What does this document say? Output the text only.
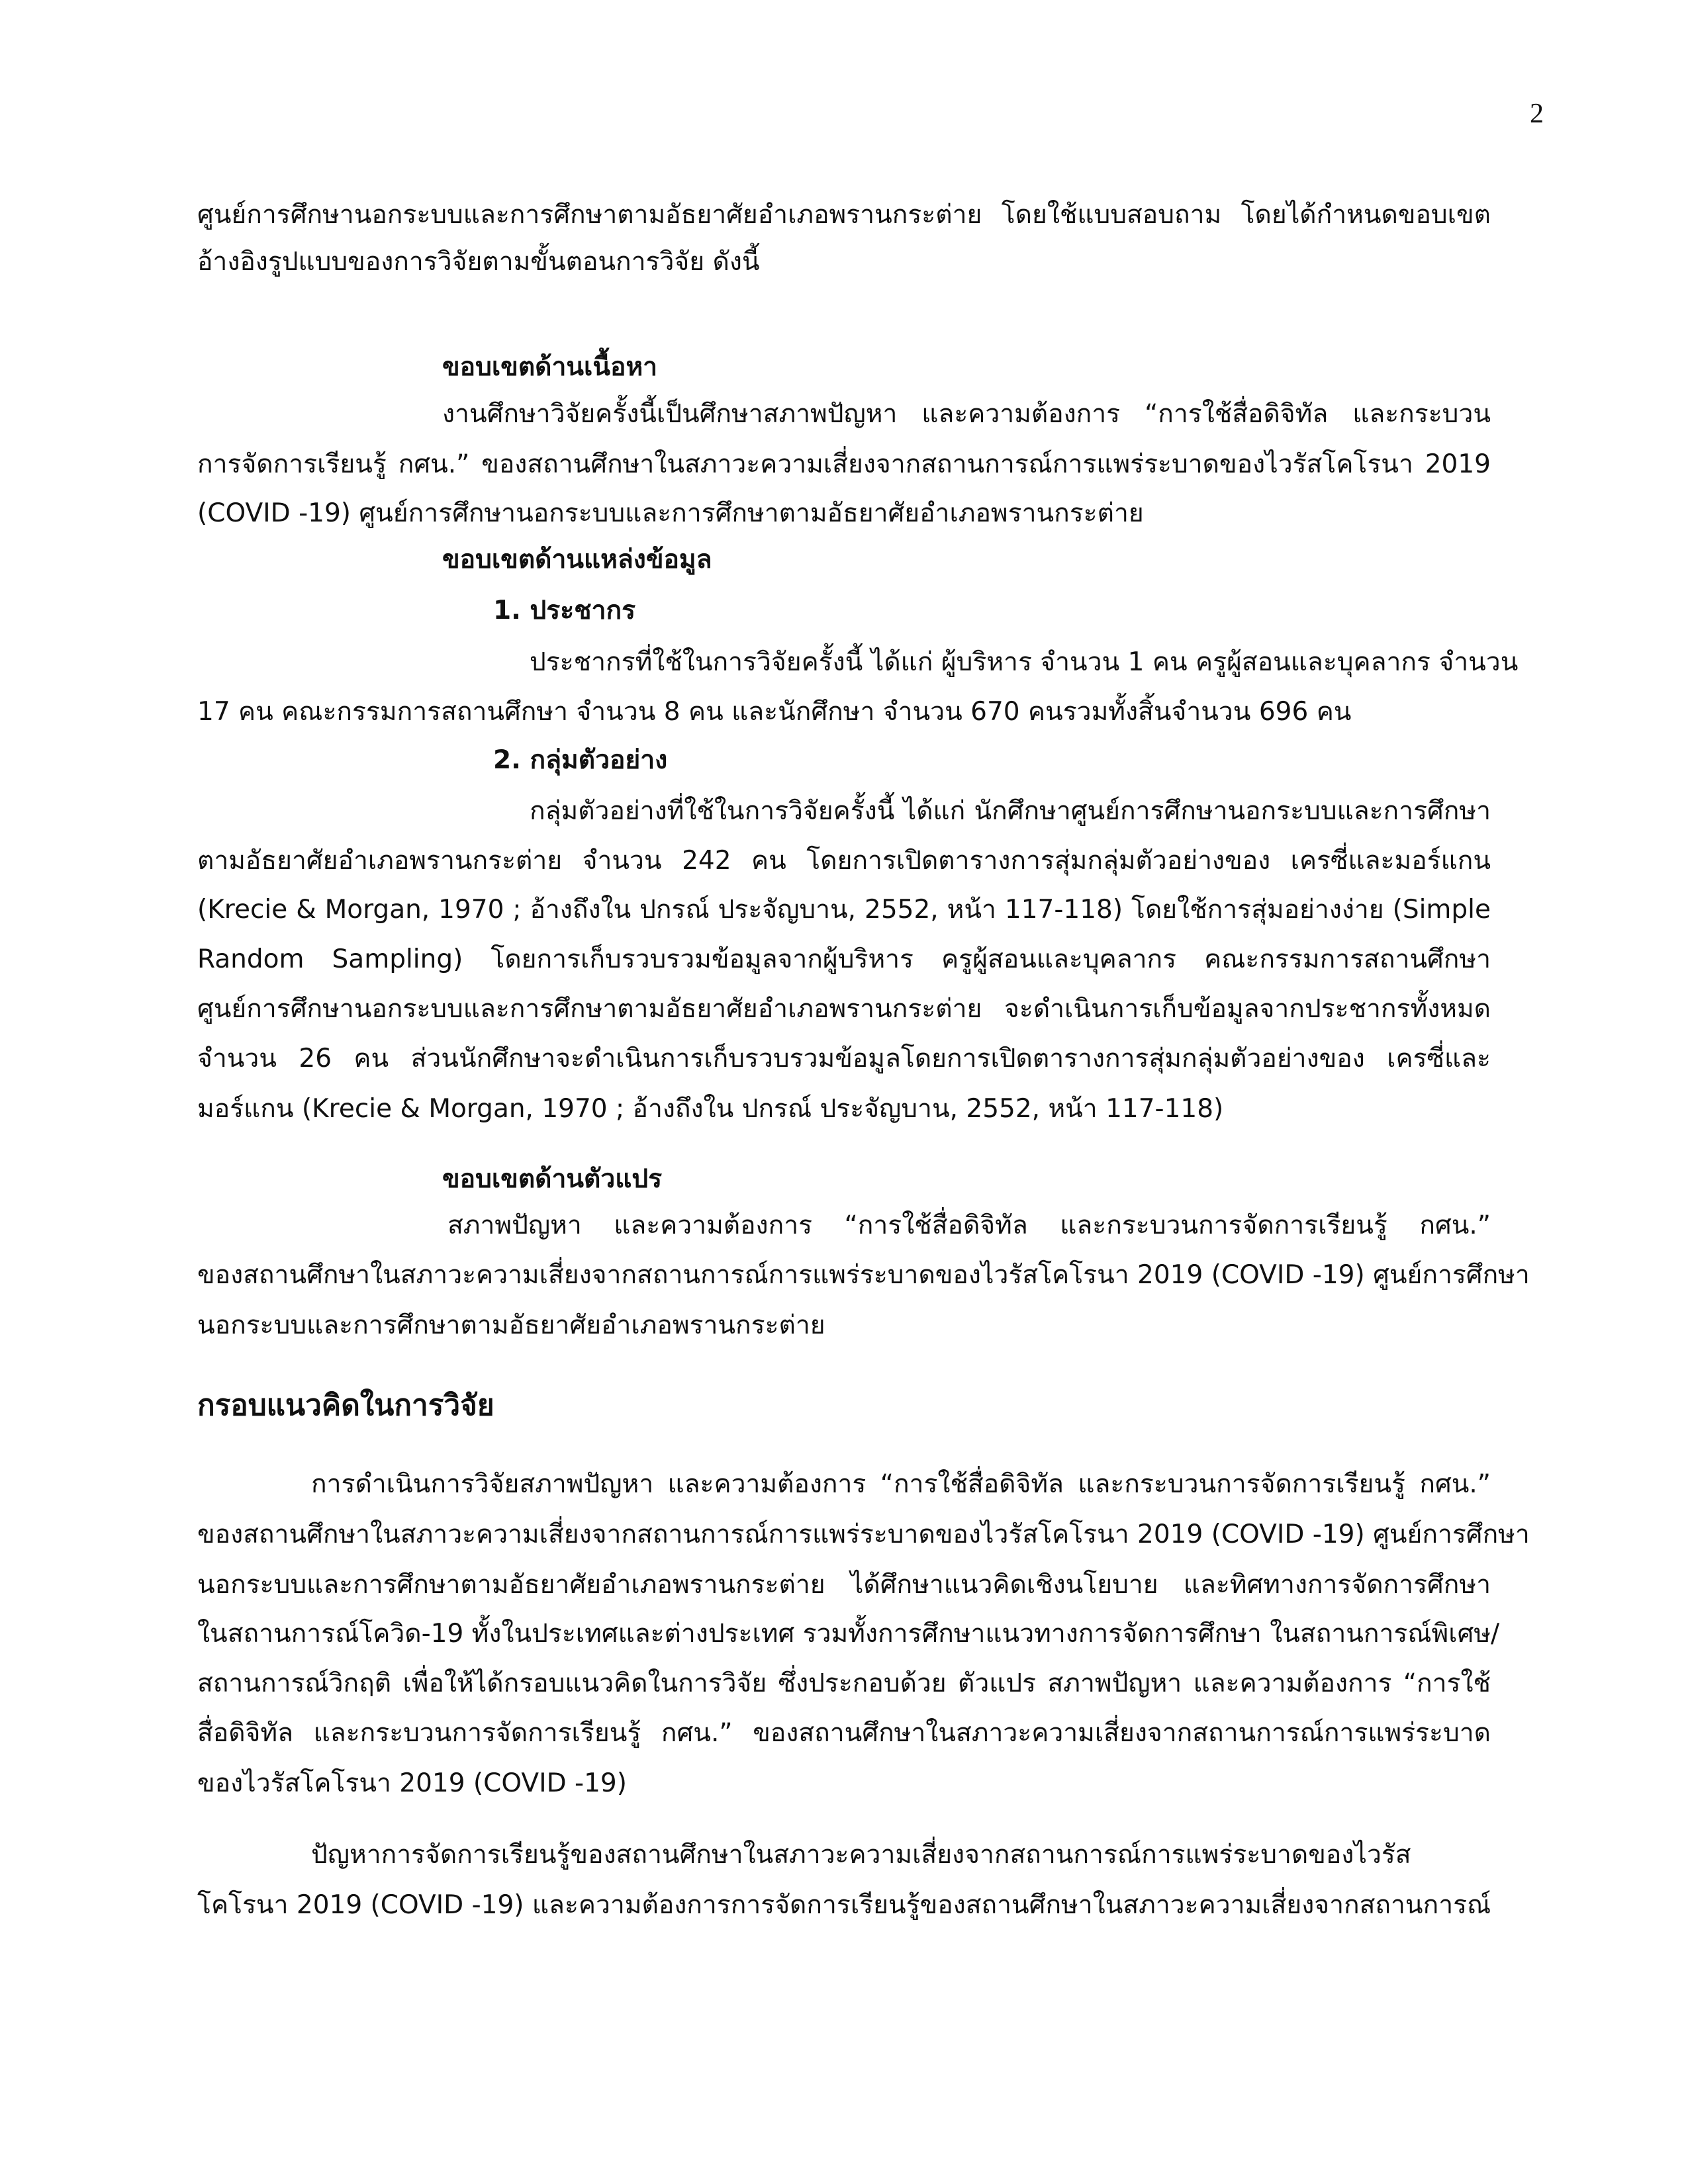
2
ศูนย์การศึกษานอกระบบและการศึกษาตามอัธยาศัยอำเภอพรานกระต่าย โดยใช้แบบสอบถาม โดยได้กำหนดขอบเขต
อ้างอิงรูปแบบของการวิจัยตามขั้นตอนการวิจัย ดังนี้
ขอบเขตด้านเนื้อหา
งานศึกษาวิจัยครั้งนี้เป็นศึกษาสภาพปัญหา และความต้องการ “การใช้สื่อดิจิทัล และกระบวน
การจัดการเรียนรู้ กศน.” ของสถานศึกษาในสภาวะความเสี่ยงจากสถานการณ์การแพร่ระบาดของไวรัสโคโรนา 2019
(COVID -19) ศูนย์การศึกษานอกระบบและการศึกษาตามอัธยาศัยอำเภอพรานกระต่าย
ขอบเขตด้านแหล่งข้อมูล
1. ประชากร
ประชากรที่ใช้ในการวิจัยครั้งนี้ ได้แก่ ผู้บริหาร จำนวน 1 คน ครูผู้สอนและบุคลากร จำนวน
17 คน คณะกรรมการสถานศึกษา จำนวน 8 คน และนักศึกษา จำนวน 670 คนรวมทั้งสิ้นจำนวน 696 คน
2. กลุ่มตัวอย่าง
กลุ่มตัวอย่างที่ใช้ในการวิจัยครั้งนี้ ได้แก่ นักศึกษาศูนย์การศึกษานอกระบบและการศึกษา
ตามอัธยาศัยอำเภอพรานกระต่าย จำนวน 242 คน โดยการเปิดตารางการสุ่มกลุ่มตัวอย่างของ เครซี่และมอร์แกน
(Krecie & Morgan, 1970 ; อ้างถึงใน ปกรณ์ ประจัญบาน, 2552, หน้า 117-118) โดยใช้การสุ่มอย่างง่าย (Simple
Random Sampling) โดยการเก็บรวบรวมข้อมูลจากผู้บริหาร ครูผู้สอนและบุคลากร คณะกรรมการสถานศึกษา
ศูนย์การศึกษานอกระบบและการศึกษาตามอัธยาศัยอำเภอพรานกระต่าย จะดำเนินการเก็บข้อมูลจากประชากรทั้งหมด
จำนวน 26 คน ส่วนนักศึกษาจะดำเนินการเก็บรวบรวมข้อมูลโดยการเปิดตารางการสุ่มกลุ่มตัวอย่างของ เครซี่และ
มอร์แกน (Krecie & Morgan, 1970 ; อ้างถึงใน ปกรณ์ ประจัญบาน, 2552, หน้า 117-118)
ขอบเขตด้านตัวแปร
สภาพปัญหา และความต้องการ “การใช้สื่อดิจิทัล และกระบวนการจัดการเรียนรู้ กศน.”
ของสถานศึกษาในสภาวะความเสี่ยงจากสถานการณ์การแพร่ระบาดของไวรัสโคโรนา 2019 (COVID -19) ศูนย์การศึกษา
นอกระบบและการศึกษาตามอัธยาศัยอำเภอพรานกระต่าย
กรอบแนวคิดในการวิจัย
การดำเนินการวิจัยสภาพปัญหา และความต้องการ “การใช้สื่อดิจิทัล และกระบวนการจัดการเรียนรู้ กศน.”
ของสถานศึกษาในสภาวะความเสี่ยงจากสถานการณ์การแพร่ระบาดของไวรัสโคโรนา 2019 (COVID -19) ศูนย์การศึกษา
นอกระบบและการศึกษาตามอัธยาศัยอำเภอพรานกระต่าย ได้ศึกษาแนวคิดเชิงนโยบาย และทิศทางการจัดการศึกษา
ในสถานการณ์โควิด-19 ทั้งในประเทศและต่างประเทศ รวมทั้งการศึกษาแนวทางการจัดการศึกษา ในสถานการณ์พิเศษ/
สถานการณ์วิกฤติ เพื่อให้ได้กรอบแนวคิดในการวิจัย ซึ่งประกอบด้วย ตัวแปร สภาพปัญหา และความต้องการ “การใช้
สื่อดิจิทัล และกระบวนการจัดการเรียนรู้ กศน.” ของสถานศึกษาในสภาวะความเสี่ยงจากสถานการณ์การแพร่ระบาด
ของไวรัสโคโรนา 2019 (COVID -19)
ปัญหาการจัดการเรียนรู้ของสถานศึกษาในสภาวะความเสี่ยงจากสถานการณ์การแพร่ระบาดของไวรัส
โคโรนา 2019 (COVID -19) และความต้องการการจัดการเรียนรู้ของสถานศึกษาในสภาวะความเสี่ยงจากสถานการณ์
